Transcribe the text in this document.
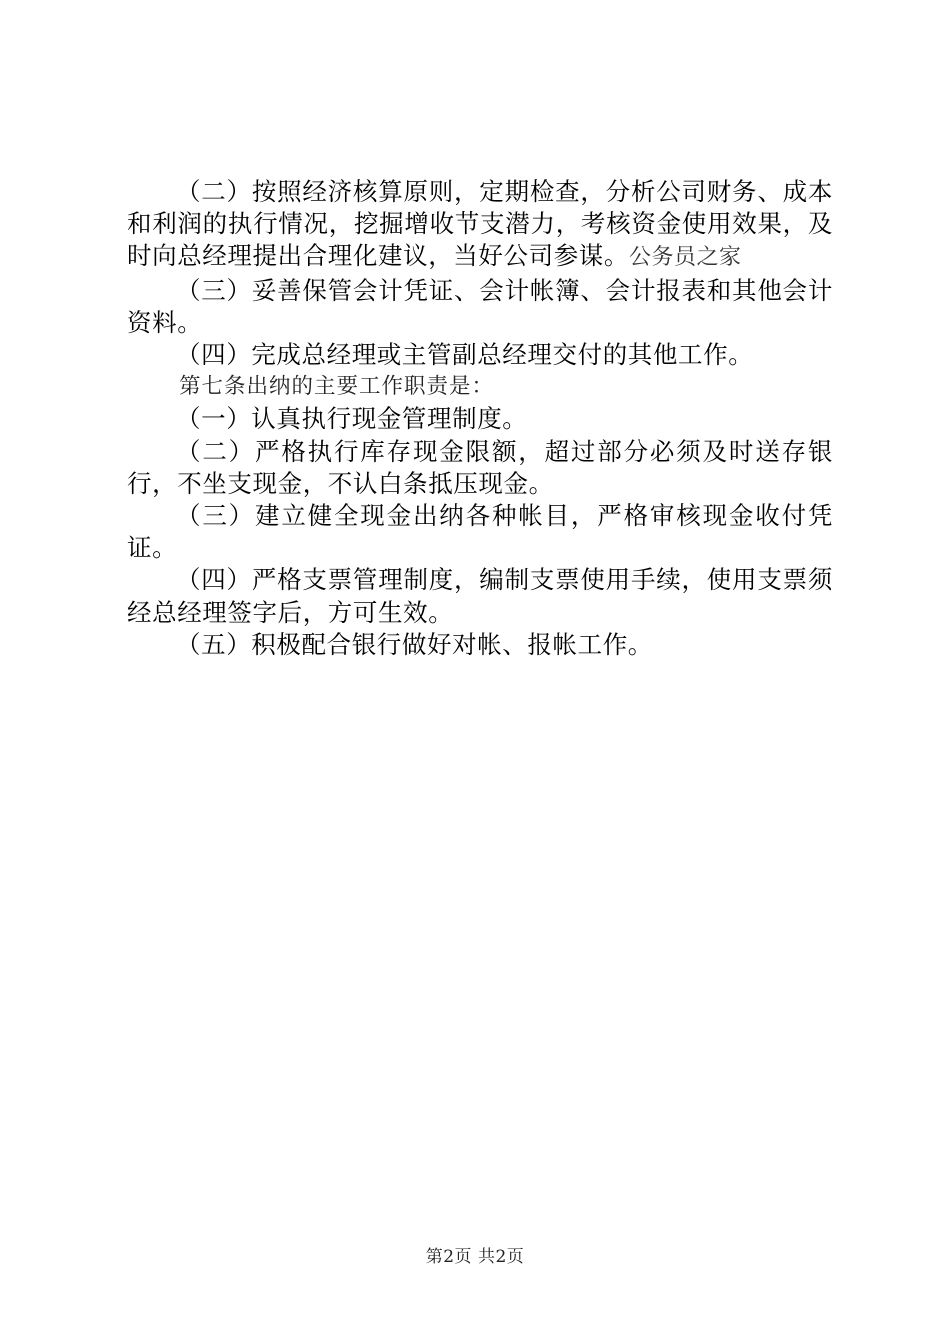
（二）按照经济核算原则，定期检查，分析公司财务、成本和利润的执行情况，挖掘增收节支潜力，考核资金使用效果，及时向总经理提出合理化建议，当好公司参谋。公务员之家

（三）妥善保管会计凭证、会计帐簿、会计报表和其他会计资料。

（四）完成总经理或主管副总经理交付的其他工作。

第七条出纳的主要工作职责是：

（一）认真执行现金管理制度。

（二）严格执行库存现金限额，超过部分必须及时送存银行，不坐支现金，不认白条抵压现金。

（三）建立健全现金出纳各种帐目，严格审核现金收付凭证。

（四）严格支票管理制度，编制支票使用手续，使用支票须经总经理签字后，方可生效。

（五）积极配合银行做好对帐、报帐工作。

第2页 共2页
